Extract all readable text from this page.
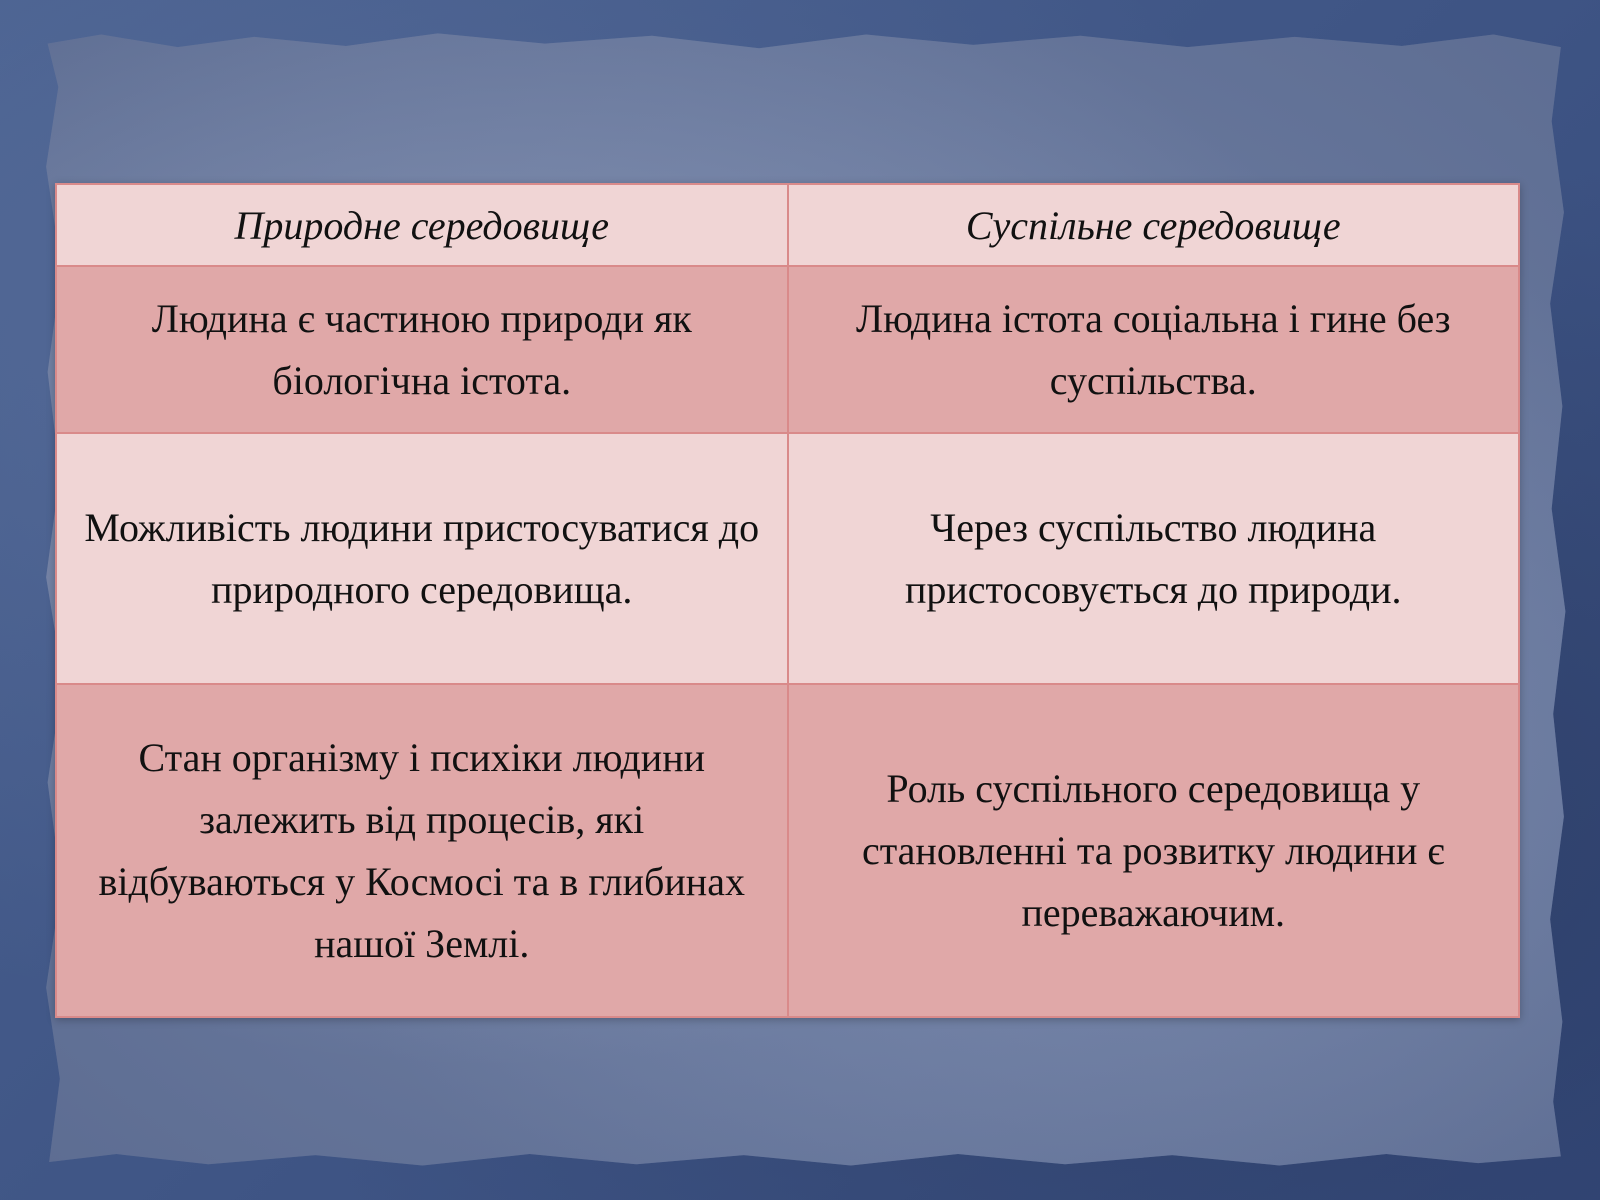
Природне середовище	Суспільне середовище
Людина є частиною природи як біологічна істота.	Людина істота соціальна і гине без суспільства.
Можливість людини пристосуватися до природного середовища.	Через суспільство людина пристосовується до природи.
Стан організму і психіки людини залежить від процесів, які відбуваються у Космосі та в глибинах нашої Землі.	Роль суспільного середовища у становленні та розвитку людини є переважаючим.
